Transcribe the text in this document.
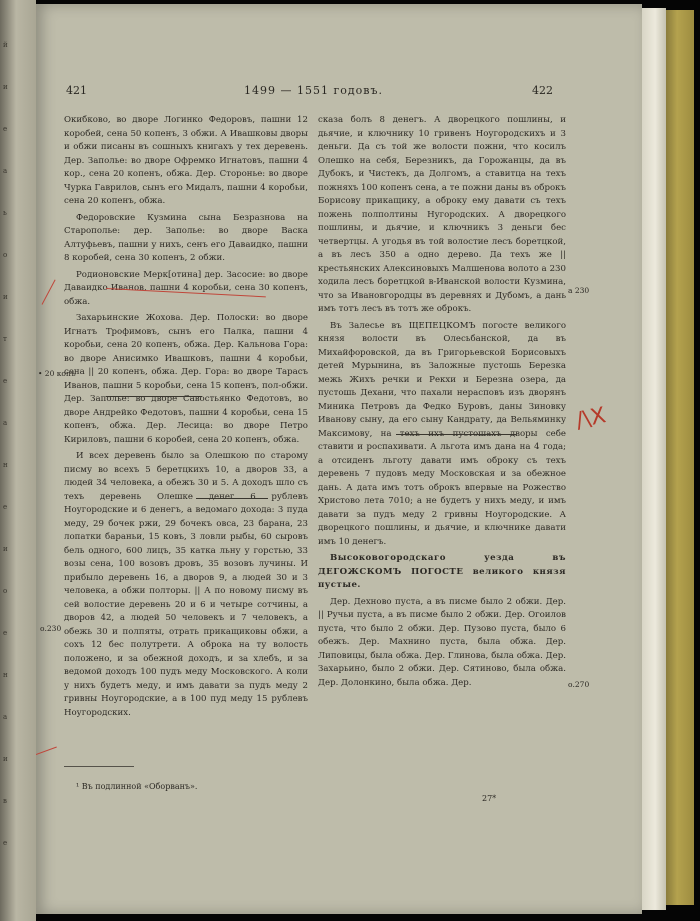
й
и
е
а
ь
о
и
т
е
а
н
е
и
о
е
н
а
и
в
е
421	1499 — 1551 годовъ.	422

Окибково, во дворе Логинко Федоровъ, пашни 12 коробей, сена 50 копенъ, 3 обжи. А Ивашковы дворы и обжи писаны въ сошныхъ книгахъ у тех деревень. Дер. Заполье: во дворе Офремко Игнатовъ, пашни 4 кор., сена 20 копенъ, обжа. Дер. Сторонье: во дворе Чурка Гаврилов, сынъ его Мидалъ, пашни 4 коробьи, сена 20 копенъ, обжа.

Федоровские Кузмина сына Безразнова на Старополье: дер. Заполье: во дворе Васка Алтуфьевъ, пашни у нихъ, сенъ его Даваидко, пашни 8 коробей, сена 30 копенъ, 2 обжи.

Родионовские Мерк[отина] дер. Засосие: во дворе Даваидко Иванов, пашни 4 коробьи, сена 30 копенъ, обжа.

Захарьинские Жохова. Дер. Полоски: во дворе Игнатъ Трофимовъ, сынъ его Палка, пашни 4 коробьи, сена 20 копенъ, обжа. Дер. Кальнова Гора: во дворе Анисимко Ивашковъ, пашни 4 коробьи, сена || 20 копенъ, обжа. Дер. Гора: во дворе Тарасъ Иванов, пашни 5 коробьи, сена 15 копенъ, пол-обжи. Дер. Заполье: во дворе Савостьянко Федотовъ, во дворе Андрейко Федотовъ, пашни 4 коробьи, сена 15 копенъ, обжа. Дер. Лесица: во дворе Петро Кириловъ, пашни 6 коробей, сена 20 копенъ, обжа.

И всех деревень было за Олешкою по старому писму во всехъ 5 беретцкихъ 10, а дворов 33, а людей 34 человека, а обежъ 30 и 5. А доходъ шло съ техъ деревень Олешке денег 6 рублевъ Ноугородские и 6 денегъ, а ведомаго дохода: 3 пуда меду, 29 бочек ржи, 29 бочекъ овса, 23 барана, 23 лопатки бараньи, 15 ковъ, 3 ловли рыбы, 60 сыровъ бель одного, 600 лицъ, 35 катка льну у горстью, 33 возы сена, 100 возовъ дровъ, 35 возовъ лучины. И прибыло деревень 16, а дворов 9, а людей 30 и 3 человека, а обжи полторы. || А по новому писму въ сей волостие деревень 20 и 6 и четыре сотчины, а дворов 42, а людей 50 человекъ и 7 человекъ, а обежь 30 и полпяты, отрать прикащиковы обжи, а сохъ 12 бес полутрети. А оброка на ту волость положено, и за обежной доходъ, и за хлебъ, и за ведомой доходъ 100 пудъ меду Московского. А коли у нихъ будетъ меду, и имъ давати за пудъ меду 2 гривны Ноугородские, а в 100 пуд меду 15 рублевъ Ноугородских.

сказа болъ 8 денегъ. А дворецкого пошлины, и дьячие, и ключнику 10 гривенъ Ноугородскихъ и 3 деньги. Да съ той же волости пожни, что косилъ Олешко на себя, Березникъ, да Горожанцы, да въ Дубокъ, и Чистекъ, да Долгомъ, а ставитца на техъ пожняхъ 100 копенъ сена, а те пожни даны въ оброкъ Борисову прикащику, а оброку ему давати съ техъ пожень полполтины Нугородских. А дворецкого пошлины, и дьячие, и ключникъ 3 деньги бес четвертцы. А угодья въ той волостие лесъ боретцкой, а въ лесъ 350 а одно дерево. Да техъ же || крестьянских Алексиновыхъ Малшенова волото а 230 ходила лесъ боретцкой в-Иванской волости Кузмина, что за Ивановгородцы въ деревнях и Дубомъ, а дань имъ тотъ лесъ въ тотъ же оброкъ.

Въ Залесье въ ЩЕПЕЦКОМЪ погосте великого князя волости въ Олесьбанской, да въ Михайфоровской, да въ Григорьевской Борисовыхъ детей Мурынина, въ Заложные пустошь Березка межь Жихъ речки и Рекхи и Березна озера, да пустошь Дехани, что пахали нерасповъ изъ дворянъ Миника Петровъ да Федко Буровъ, даны Зиновку Иванову сыну, да его сыну Кандрату, да Вельяминку Максимову, на техъ ихъ пустошахъ дворы себе ставити и роспахивати. А льгота имъ дана на 4 года; а отсиденъ льготу давати имъ оброку съ техъ деревень 7 пудовъ меду Московская и за обежное дань. А дата имъ тотъ оброкъ впервые на Рожество Христово лета 7010; а не будетъ у нихъ меду, и имъ давати за пудъ меду 2 гривны Ноугородские. А дворецкого пошлины, и дьячие, и ключнике давати имъ 10 денегъ.

Высоковогородскаго уезда въ ДЕГОЖСКОМЪ ПОГОСТЕ великого князя пустые.

Дер. Дехново пуста, а въ писме было 2 обжи. Дер. || Ручьи пуста, а въ писме было 2 обжи. Дер. Огоилов пуста, что было 2 обжи. Дер. Пузово пуста, было 6 обежъ. Дер. Махнино пуста, была обжа. Дер. Липовицы, была обжа. Дер. Глинова, была обжа. Дер. Захарьино, было 2 обжи. Дер. Сятиново, была обжа. Дер. Долонкино, была обжа. Дер.

• 20 копъ
о.230
а 230
о.270
/\X
¹ Въ подлинной «Оборванъ».
27*
